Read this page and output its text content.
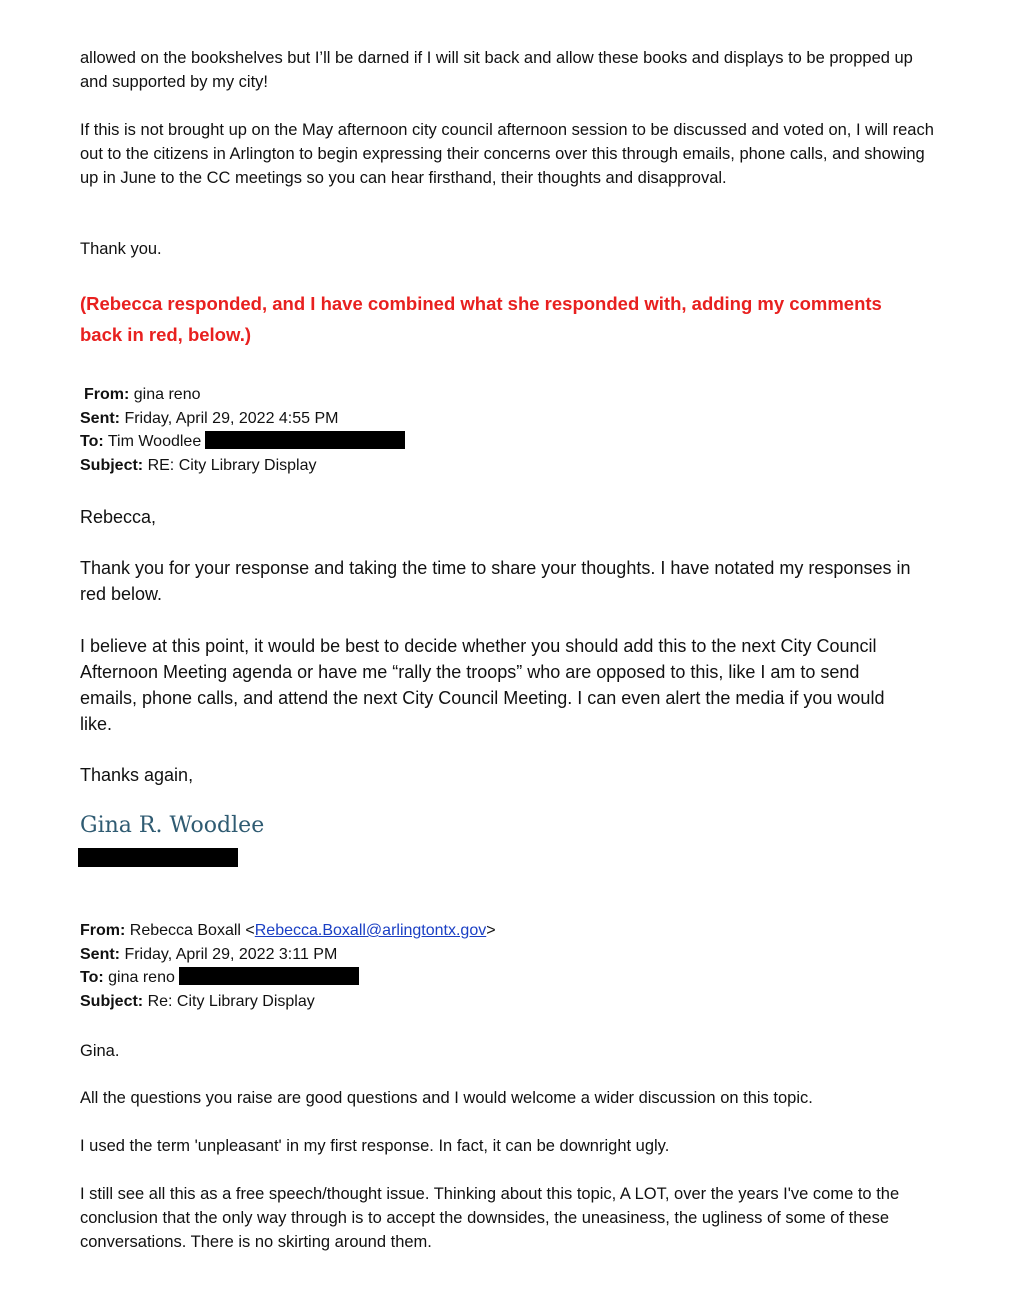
allowed on the bookshelves but I’ll be darned if I will sit back and allow these books and displays to be propped up and supported by my city!
If this is not brought up on the May afternoon city council afternoon session to be discussed and voted on, I will reach out to the citizens in Arlington to begin expressing their concerns over this through emails, phone calls, and showing up in June to the CC meetings so you can hear firsthand, their thoughts and disapproval.
Thank you.
(Rebecca responded, and I have combined what she responded with, adding my comments back in red, below.)
From: gina reno
Sent: Friday, April 29, 2022 4:55 PM
To: Tim Woodlee
Subject: RE: City Library Display
Rebecca,
Thank you for your response and taking the time to share your thoughts. I have notated my responses in red below.
I believe at this point, it would be best to decide whether you should add this to the next City Council Afternoon Meeting agenda or have me “rally the troops” who are opposed to this, like I am to send emails, phone calls, and attend the next City Council Meeting. I can even alert the media if you would like.
Thanks again,
Gina R. Woodlee
From: Rebecca Boxall <Rebecca.Boxall@arlingtontx.gov>
Sent: Friday, April 29, 2022 3:11 PM
To: gina reno
Subject: Re: City Library Display
Gina.
All the questions you raise are good questions and I would welcome a wider discussion on this topic.
I used the term 'unpleasant' in my first response. In fact, it can be downright ugly.
I still see all this as a free speech/thought issue. Thinking about this topic, A LOT, over the years I've come to the conclusion that the only way through is to accept the downsides, the uneasiness, the ugliness of some of these conversations. There is no skirting around them.
